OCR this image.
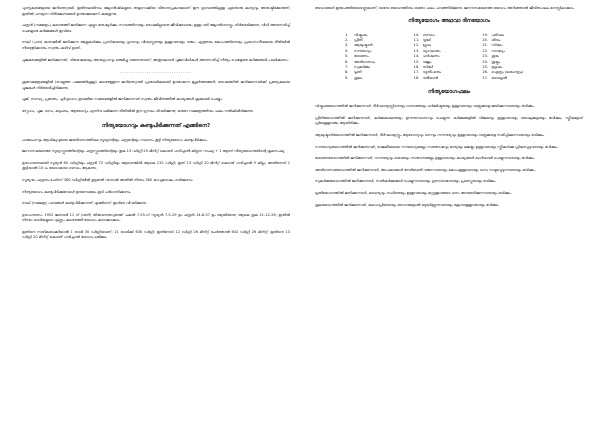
പുണ്യകരങ്ങളായ ജനിതെറ്റായി, ഇതിനലയിനാം ജ്യോതിഷികളുടെ തയ്യാറാക്കിയ വിതാനപ്രകാരമാണ് ഈ ഗ്രന്ഥത്തിലുള്ള ഏതൊരു കാര്യവും അനുഷ്ഠിക്കേണ്ടത്; ഇതിൽ പറയുന്ന നിരീക്ഷണങ്ങൾ ഉണ്ടാക്കുമെന്ന് കരുതുന്നു.

ചന്ദ്രൻ (നക്ഷത്രം) കണ്ടെത്തി ജനിക്കുന്ന എല്ലാ മനുഷ്യർക്കും സമ്പത്തിനായും ദോഷമില്ലാതെ ജീവിക്കുവാനും ഉള്ള വഴി ജ്യോതിശാസ്ത്രം നിർദേശിക്കുന്നു, വിധി അനുസരിച്ച് ചെയ്യേണ്ട കർമ്മങ്ങൾ ഇവിടെ.

നാല് (പാദ) കണക്കിൽ ജനിക്കുന്ന ആളുകൾക്കും പ്രസിദ്ധമായും ഗുണവും വിശ്വസ്തതയും ഉള്ളവരായും വരും; ഏതുതരം കോപത്തിനെയും പ്രശംസനീയമായ രീതിയിൽ നിയന്ത്രിക്കാനും സ്വന്തം കഴിവ് ഉണ്ട്.

പൂജകരങ്ങളിൽ ജനിക്കുന്നത്, വിശേഷമായും അനുഗ്രഹവും ഒരുമിച്ചു വരുന്നതാണ്; അതുകൊണ്ട് പൂജാവിധികൾ അനുസരിച്ച് നിത്യം ചെയ്യേണ്ട കർമ്മങ്ങൾ പാലിക്കണം.

................................

ശുഭനക്ഷത്രങ്ങളിൽ (വെളുത്ത പക്ഷത്തിലുള്ള) കണ്ടെത്തുന്ന ജനിതെറ്റായി പ്രാദേശികമായി ഉണ്ടാകുന്ന മുഹൂർത്തങ്ങൾ; ദോഷത്തിൽ ജനിക്കുന്നവർക്ക് പ്രത്യേകമായ പൂജകൾ നിർദേശിച്ചിരിക്കുന്നു.

പൂജ്, സന്ധ്യ, പ്രഭാതം, പൂർവ്വാഹ്നം തുടങ്ങിയ സമയങ്ങളിൽ ജനിക്കുന്നവർ സ്വന്തം ജീവിതത്തിൽ കാര്യങ്ങൾ ക്രമമായി ചെയ്യും.

സ്നേഹം, പൂജ, ധനം, കുടുംബം, ആരോഗ്യം എന്നിവ ലഭിക്കുന്ന രീതിയിൽ ഈ ഗ്രന്ഥം വിവരിക്കുന്നു; ഓരോ നക്ഷത്രത്തിനും ഫലം നൽകിയിരിക്കുന്നു.

നിത്യയോഗവും കണ്ടുപിടിക്കുന്നത് എങ്ങിനെ?

പഞ്ചാംഗവും ആധിക്യവുമായ ജന്മദിവസത്തിലെ സൂര്യന്റെയും ചന്ദ്രന്റെയും സ്ഥാനം കൂട്ടി നിത്യയോഗം കണ്ടുപിടിക്കാം.

ജനനസമയത്തെ സൂര്യസ്ഫുടത്തിന്റെയും ചന്ദ്രസ്ഫുടത്തിന്റെയും തുക 13 ഡിഗ്രി 20 മിനിറ്റ് കൊണ്ട് ഹരിച്ചാൽ കിട്ടുന്ന സംഖ്യ + 1 ആണ് നിത്യയോഗത്തിന്റെ ക്രമസംഖ്യ.

ഉദാഹരണമായി സൂര്യൻ 60 ഡിഗ്രിയും ചന്ദ്രൻ 72 ഡിഗ്രിയും ആണെങ്കിൽ ആകെ 132 ഡിഗ്രി; ഇത് 13 ഡിഗ്രി 20 മിനിറ്റ് കൊണ്ട് ഹരിച്ചാൽ 9 കിട്ടും; അതിനോട് 1 കൂട്ടിയാൽ 10-ാം യോഗമായ ഗണ്ഡം ആകുന്നു.

സൂര്യനും ചന്ദ്രനും ചേർന്ന് 360 ഡിഗ്രിയിൽ കൂടുതൽ വന്നാൽ അതിൽ നിന്നും 360 കുറച്ചശേഷം ഹരിക്കണം.

നിത്യയോഗം കണ്ടുപിടിക്കുമ്പോൾ ഉദയസമയം കൂടി പരിഗണിക്കണം.

നാല് (നക്ഷത്ര) പാദങ്ങൾ കണ്ടുപിടിക്കുന്നത് എങ്ങിനെ? ഇവിടെ വിവരിക്കുന്നു.

ഉദാഹരണം: 1952 ജനുവരി 11 ന് (ശനി) തിരുവനന്തപുരത്ത് പകൽ 7-55-ന് സൂര്യൻ 7-5-29 ഉം ചന്ദ്രൻ 14-6-57 ഉം ആയിരുന്നു; ആകെ തുക 21-12-26; ഇതിൽ നിന്നും രാശികളുടെ എണ്ണം കണ്ടെത്തി യോഗം കണക്കാക്കാം.

ഇതിനെ നാഴികയാക്കിയാൽ 1 രാശി 30 ഡിഗ്രിയാണ്; 21 രാശിക്ക് 630 ഡിഗ്രി; ഇതിനോട് 12 ഡിഗ്രി 26 മിനിറ്റ് ചേർത്താൽ 642 ഡിഗ്രി 26 മിനിറ്റ്; ഇതിനെ 13 ഡിഗ്രി 20 മിനിറ്റ് കൊണ്ട് ഹരിച്ചാൽ യോഗം ലഭിക്കും.

യോഗങ്ങൾ ഇരുപത്തിയേഴെണ്ണമാണ്; ഓരോ യോഗത്തിനും ഓരോ ഫലം പറഞ്ഞിരിക്കുന്നു. ജനനസമയത്തെ യോഗം അറിഞ്ഞാൽ ജീവിതഫലം മനസ്സിലാക്കാം.

നിത്യയോഗം അഥവാ ദിനയോഗം
1. വിഷ്കംഭം	10. ഗണ്ഡം	19. പരിഘം
2. പ്രീതി	11. വൃദ്ധി	20. ശിവം
3. ആയുഷ്മാൻ	12. ധ്രുവം	21. സിദ്ധം
4. സൗഭാഗ്യം	13. വ്യാഘാതം	22. സാദ്ധ്യം
5. ശോഭനം	14. ഹർഷണം	23. ശുഭം
6. അതിഗണ്ഡം	15. വജ്രം	24. ശുക്ലം
7. സുകർമ്മം	16. സിദ്ധി	25. ബ്രഹ്മം
8. ധൃതി	17. വ്യതീപാതം	26. ഐന്ദ്രം (മാഹേന്ദ്രം)
9. ശൂലം	18. വരീയാൻ	27. വൈധൃതി
നിത്യയോഗഫലം

വിഷ്കംഭയോഗത്തിൽ ജനിക്കുന്നവർ, ദീർഘായുസ്സിനെയും ധനത്തെയും ധർമ്മിഷ്ഠതയും ഉള്ളവരായും ശത്രുക്കളെ ജയിക്കുന്നവരായും ഭവിക്കും.

പ്രീതിയോഗത്തിൽ ജനിക്കുന്നവർ, കർമ്മകുശലതയും ഉന്നതസ്ഥാനവും ചെയ്യുന്ന കർമ്മങ്ങളിൽ വിജയവും ഉള്ളവരായും ദയാലുക്കളായും ഭവിക്കും; സ്ത്രീകളോട് പ്രിയമുള്ളവരും ആയിരിക്കും.

ആയുഷ്മാൻയോഗത്തിൽ ജനിക്കുന്നവർ, ദീർഘായുസ്സും ആരോഗ്യവും ധനവും സൗന്ദര്യവും ഉള്ളവരായും ശത്രുക്കളെ നശിപ്പിക്കുന്നവരായും ഭവിക്കും.

സൗഭാഗ്യയോഗത്തിൽ ജനിക്കുന്നവർ, രാജകീയമായ സൗഭാഗ്യങ്ങളും സന്തോഷവും ഭാര്യയും മക്കളും ഉള്ളവരായും സ്ത്രീകൾക്കു പ്രിയപ്പെട്ടവരായും ഭവിക്കും.

ശോഭനയോഗത്തിൽ ജനിക്കുന്നവർ, സൗന്ദര്യവും ശോഭയും സന്താനങ്ങളും ഉള്ളവരായും കാര്യങ്ങൾ ഭംഗിയായി ചെയ്യുന്നവരായും ഭവിക്കും.

അതിഗണ്ഡയോഗത്തിൽ ജനിക്കുന്നവർ, അപകടങ്ങൾ നേരിടേണ്ടി വരുന്നവരായും കോപമുള്ളവരായും ധനം നഷ്ടപ്പെടുന്നവരായും ഭവിക്കും.

സുകർമ്മയോഗത്തിൽ ജനിക്കുന്നവർ, സൽകർമ്മങ്ങൾ ചെയ്യുന്നവരായും ഗുണവാന്മാരായും പ്രശസ്തരായും ഭവിക്കും.

ധൃതിയോഗത്തിൽ ജനിക്കുന്നവർ, ധൈര്യവും സ്ഥിരതയും ഉള്ളവരായും മറ്റുള്ളവരുടെ ധനം അനുഭവിക്കുന്നവരായും ഭവിക്കും.

ശൂലയോഗത്തിൽ ജനിക്കുന്നവർ, കലഹപ്രിയരായും രോഗങ്ങളാൽ ബുദ്ധിമുട്ടുന്നവരായും ക്രോധമുള്ളവരായും ഭവിക്കും.
